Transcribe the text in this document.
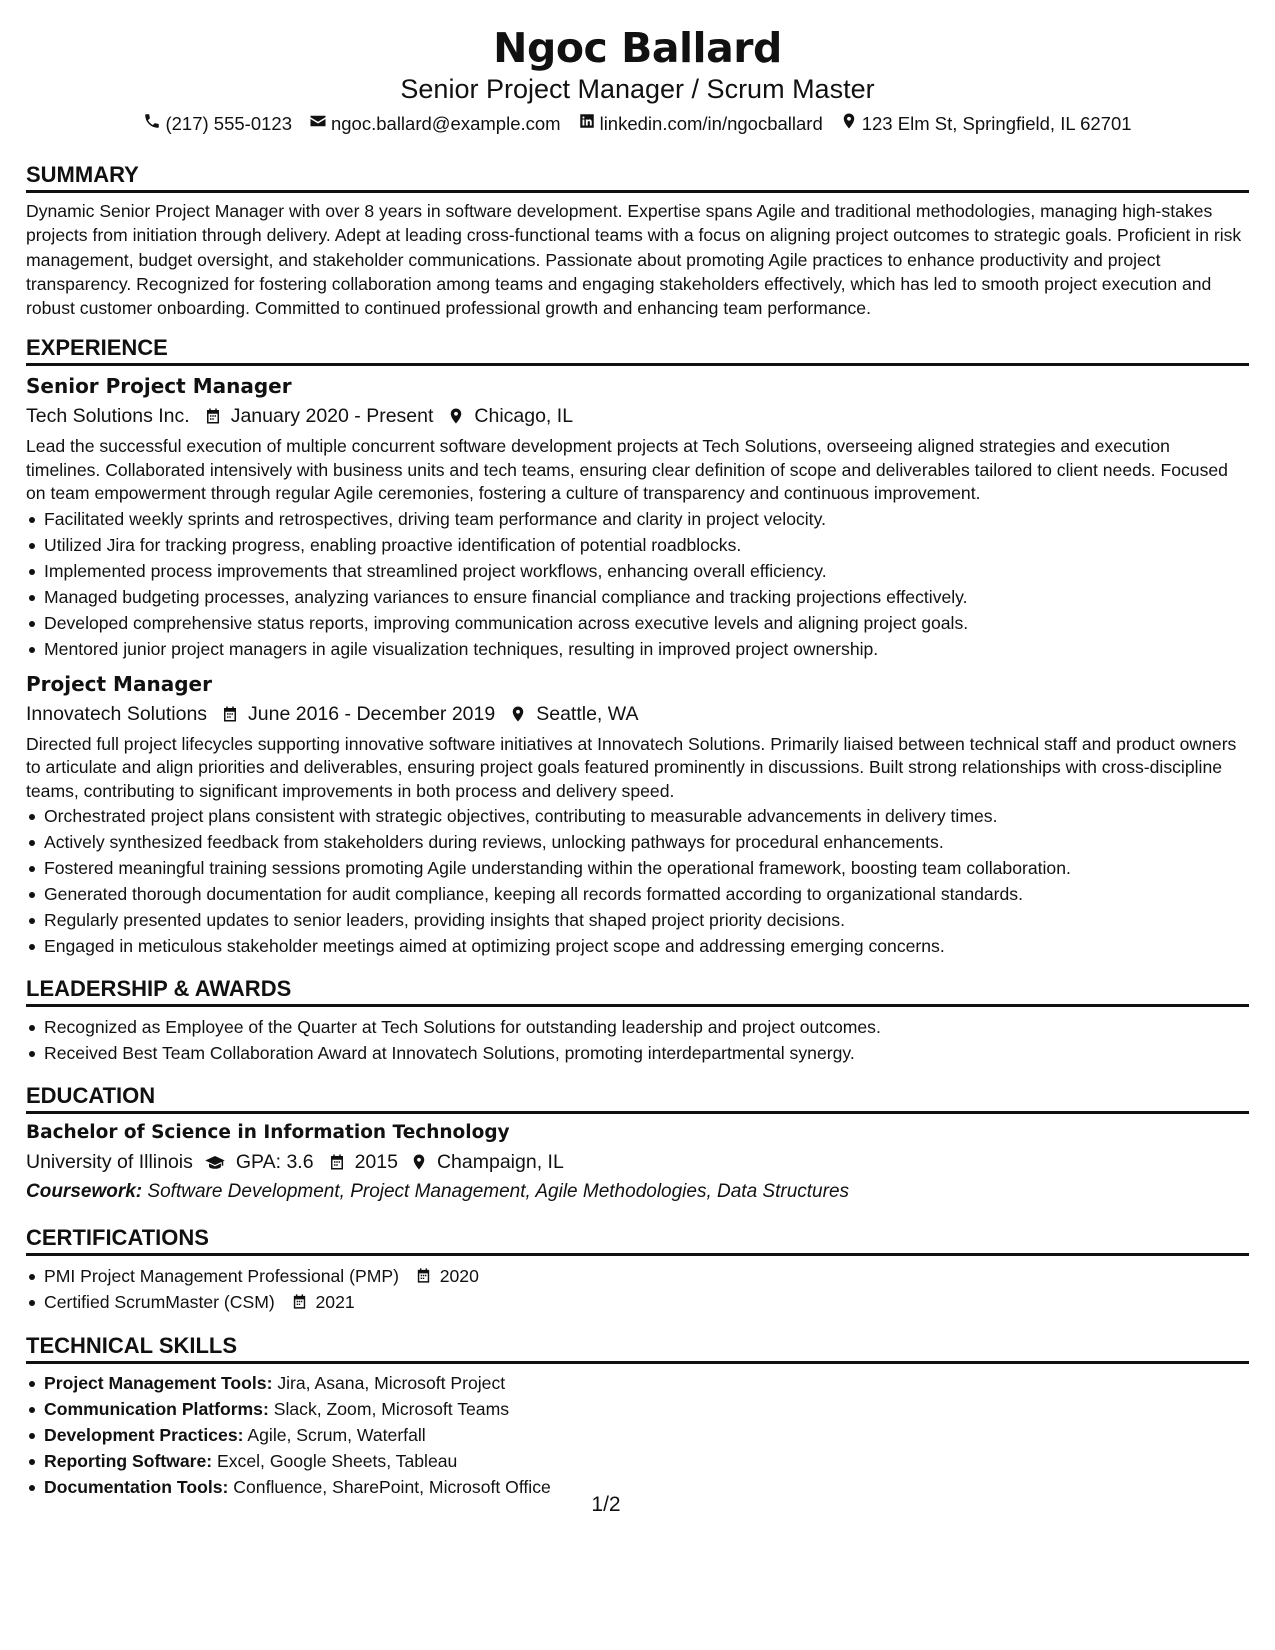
Ngoc Ballard
Senior Project Manager / Scrum Master
(217) 555-0123 ngoc.ballard@example.com linkedin.com/in/ngocballard 123 Elm St, Springfield, IL 62701
SUMMARY
Dynamic Senior Project Manager with over 8 years in software development. Expertise spans Agile and traditional methodologies, managing high-stakes projects from initiation through delivery. Adept at leading cross-functional teams with a focus on aligning project outcomes to strategic goals. Proficient in risk management, budget oversight, and stakeholder communications. Passionate about promoting Agile practices to enhance productivity and project transparency. Recognized for fostering collaboration among teams and engaging stakeholders effectively, which has led to smooth project execution and robust customer onboarding. Committed to continued professional growth and enhancing team performance.
EXPERIENCE
Senior Project Manager
Tech Solutions Inc. January 2020 - Present Chicago, IL
Lead the successful execution of multiple concurrent software development projects at Tech Solutions, overseeing aligned strategies and execution timelines. Collaborated intensively with business units and tech teams, ensuring clear definition of scope and deliverables tailored to client needs. Focused on team empowerment through regular Agile ceremonies, fostering a culture of transparency and continuous improvement.
Facilitated weekly sprints and retrospectives, driving team performance and clarity in project velocity.
Utilized Jira for tracking progress, enabling proactive identification of potential roadblocks.
Implemented process improvements that streamlined project workflows, enhancing overall efficiency.
Managed budgeting processes, analyzing variances to ensure financial compliance and tracking projections effectively.
Developed comprehensive status reports, improving communication across executive levels and aligning project goals.
Mentored junior project managers in agile visualization techniques, resulting in improved project ownership.
Project Manager
Innovatech Solutions June 2016 - December 2019 Seattle, WA
Directed full project lifecycles supporting innovative software initiatives at Innovatech Solutions. Primarily liaised between technical staff and product owners to articulate and align priorities and deliverables, ensuring project goals featured prominently in discussions. Built strong relationships with cross-discipline teams, contributing to significant improvements in both process and delivery speed.
Orchestrated project plans consistent with strategic objectives, contributing to measurable advancements in delivery times.
Actively synthesized feedback from stakeholders during reviews, unlocking pathways for procedural enhancements.
Fostered meaningful training sessions promoting Agile understanding within the operational framework, boosting team collaboration.
Generated thorough documentation for audit compliance, keeping all records formatted according to organizational standards.
Regularly presented updates to senior leaders, providing insights that shaped project priority decisions.
Engaged in meticulous stakeholder meetings aimed at optimizing project scope and addressing emerging concerns.
LEADERSHIP & AWARDS
Recognized as Employee of the Quarter at Tech Solutions for outstanding leadership and project outcomes.
Received Best Team Collaboration Award at Innovatech Solutions, promoting interdepartmental synergy.
EDUCATION
Bachelor of Science in Information Technology
University of Illinois GPA: 3.6 2015 Champaign, IL
Coursework: Software Development, Project Management, Agile Methodologies, Data Structures
CERTIFICATIONS
PMI Project Management Professional (PMP) 2020
Certified ScrumMaster (CSM) 2021
TECHNICAL SKILLS
Project Management Tools: Jira, Asana, Microsoft Project
Communication Platforms: Slack, Zoom, Microsoft Teams
Development Practices: Agile, Scrum, Waterfall
Reporting Software: Excel, Google Sheets, Tableau
Documentation Tools: Confluence, SharePoint, Microsoft Office
1/2
